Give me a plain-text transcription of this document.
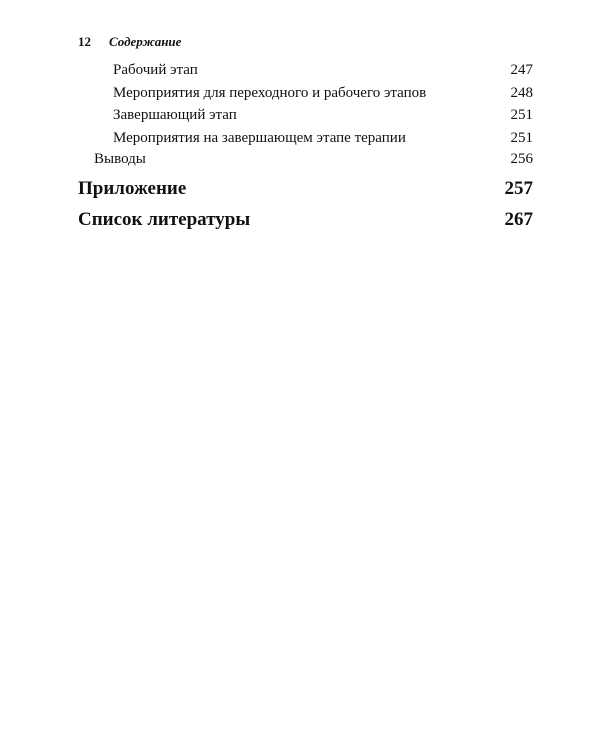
12 Содержание
Рабочий этап	247
Мероприятия для переходного и рабочего этапов	248
Завершающий этап	251
Мероприятия на завершающем этапе терапии	251
Выводы	256
Приложение	257
Список литературы	267
